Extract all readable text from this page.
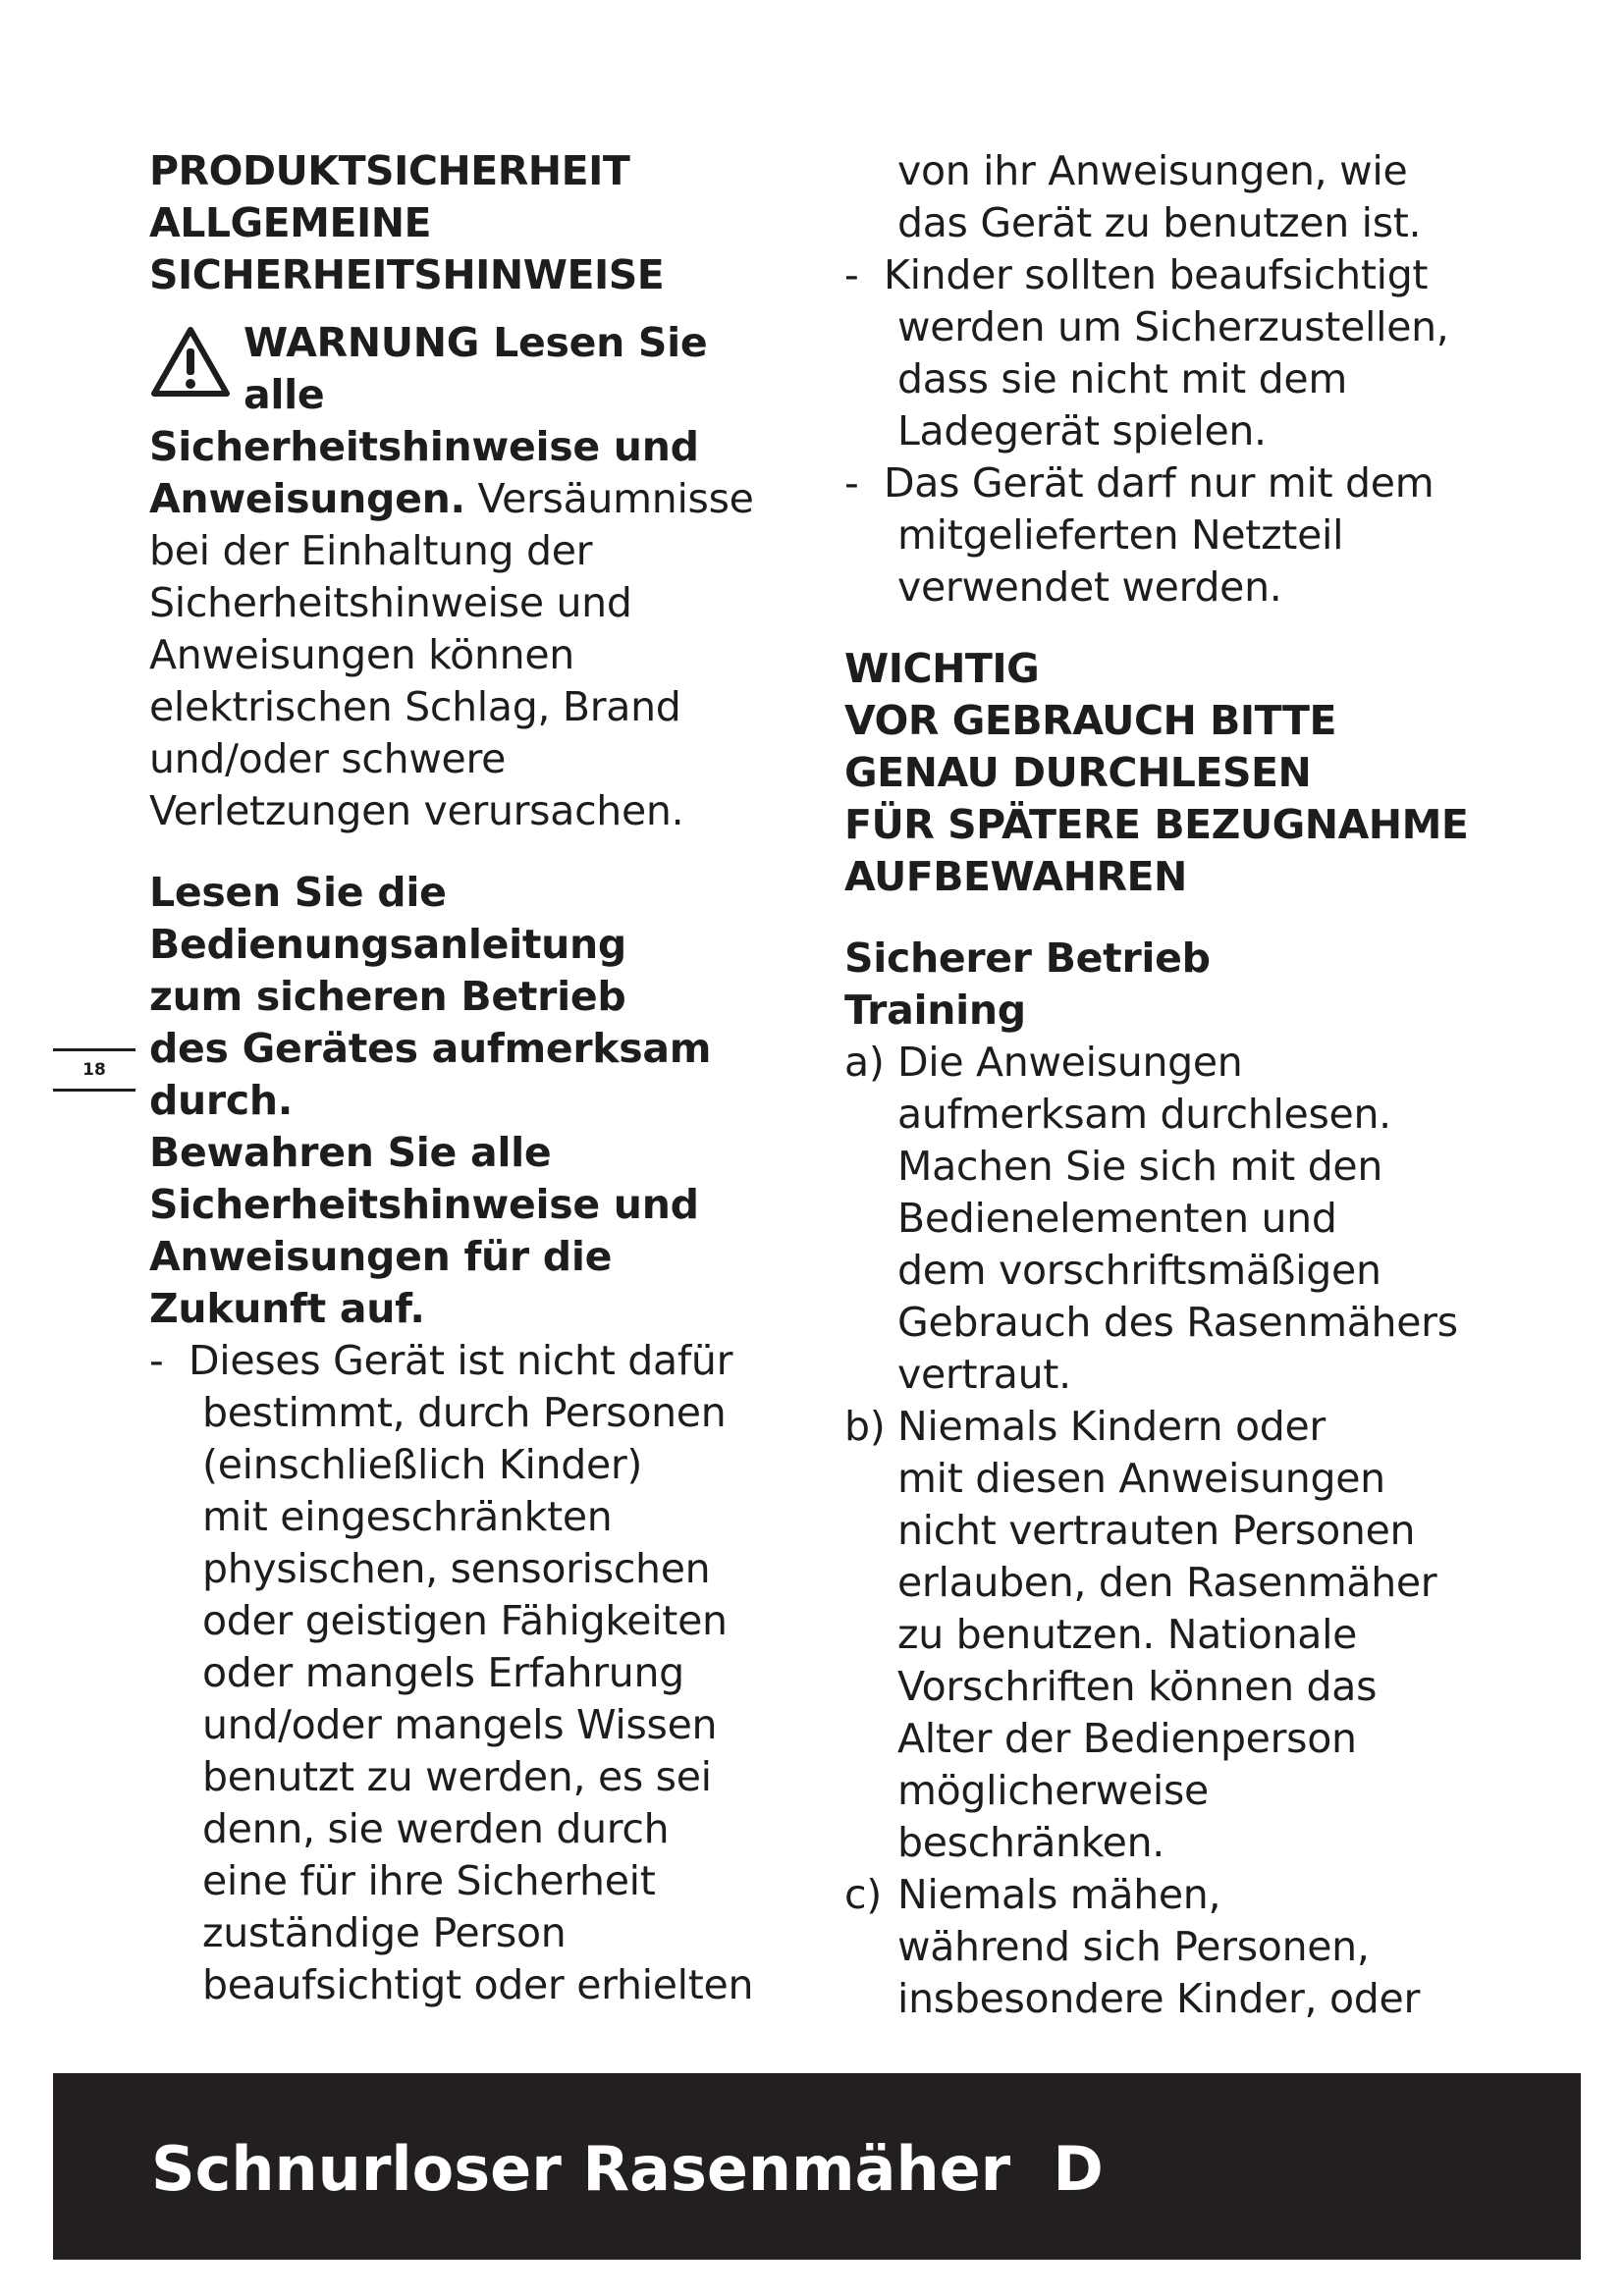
PRODUKTSICHERHEIT

ALLGEMEINE

SICHERHEITSHINWEISE

WARNUNG Lesen Sie

alle

Sicherheitshinweise und

Anweisungen. Versäumnisse

bei der Einhaltung der

Sicherheitshinweise und

Anweisungen können

elektrischen Schlag, Brand

und/oder schwere

Verletzungen verursachen.

Lesen Sie die

Bedienungsanleitung

zum sicheren Betrieb

des Gerätes aufmerksam

durch.

Bewahren Sie alle

Sicherheitshinweise und

Anweisungen für die

Zukunft auf.

- Dieses Gerät ist nicht dafür

bestimmt, durch Personen

(einschließlich Kinder)

mit eingeschränkten

physischen, sensorischen

oder geistigen Fähigkeiten

oder mangels Erfahrung

und/oder mangels Wissen

benutzt zu werden, es sei

denn, sie werden durch

eine für ihre Sicherheit

zuständige Person

beaufsichtigt oder erhielten

18

von ihr Anweisungen, wie

das Gerät zu benutzen ist.

- Kinder sollten beaufsichtigt

werden um Sicherzustellen,

dass sie nicht mit dem

Ladegerät spielen.

- Das Gerät darf nur mit dem

mitgelieferten Netzteil

verwendet werden.

WICHTIG

VOR GEBRAUCH BITTE

GENAU DURCHLESEN

FÜR SPÄTERE BEZUGNAHME

AUFBEWAHREN

Sicherer Betrieb

Training

a) Die Anweisungen

aufmerksam durchlesen.

Machen Sie sich mit den

Bedienelementen und

dem vorschriftsmäßigen

Gebrauch des Rasenmähers

vertraut.

b) Niemals Kindern oder

mit diesen Anweisungen

nicht vertrauten Personen

erlauben, den Rasenmäher

zu benutzen. Nationale

Vorschriften können das

Alter der Bedienperson

möglicherweise

beschränken.

c) Niemals mähen,

während sich Personen,

insbesondere Kinder, oder

Schnurloser Rasenmäher D
